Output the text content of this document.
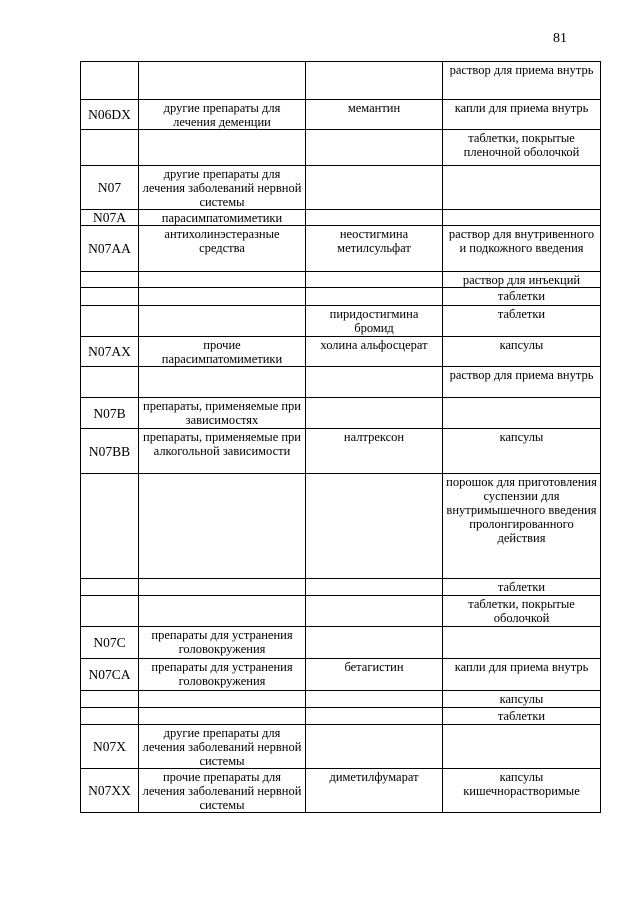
81
			раствор для приема внутрь
N06DX	другие препараты для лечения деменции	мемантин	капли для приема внутрь
			таблетки, покрытые пленочной оболочкой
N07	другие препараты для лечения заболеваний нервной системы		
N07A	парасимпатомиметики		
N07AA	антихолинэстеразные средства	неостигмина метилсульфат	раствор для внутривенного и подкожного введения
			раствор для инъекций
			таблетки
		пиридостигмина бромид	таблетки
N07AX	прочие парасимпатомиметики	холина альфосцерат	капсулы
			раствор для приема внутрь
N07B	препараты, применяемые при зависимостях		
N07BB	препараты, применяемые при алкогольной зависимости	налтрексон	капсулы
			порошок для приготовления суспензии для внутримышечного введения пролонгированного действия
			таблетки
			таблетки, покрытые оболочкой
N07C	препараты для устранения головокружения		
N07CA	препараты для устранения головокружения	бетагистин	капли для приема внутрь
			капсулы
			таблетки
N07X	другие препараты для лечения заболеваний нервной системы		
N07XX	прочие препараты для лечения заболеваний нервной системы	диметилфумарат	капсулы кишечнорастворимые
